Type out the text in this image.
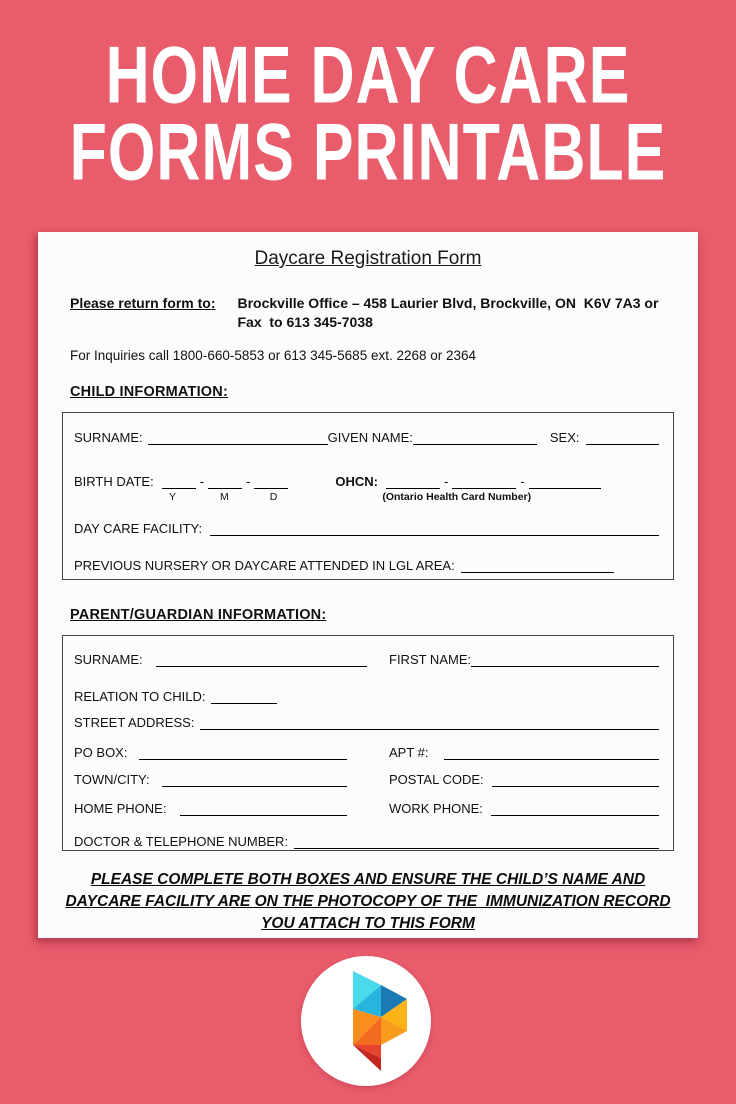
HOME DAY CARE
FORMS PRINTABLE
Daycare Registration Form
Please return form to: Brockville Office – 458 Laurier Blvd, Brockville, ON  K6V 7A3 or
Fax  to 613 345-7038
For Inquiries call 1800-660-5853 or 613 345-5685 ext. 2268 or 2364
CHILD INFORMATION:
SURNAME:	GIVEN NAME:	SEX:
BIRTH DATE:	-	-	OHCN:	-	-
Y	M	D	(Ontario Health Card Number)
DAY CARE FACILITY:
PREVIOUS NURSERY OR DAYCARE ATTENDED IN LGL AREA:
PARENT/GUARDIAN INFORMATION:
SURNAME:	FIRST NAME:
RELATION TO CHILD:
STREET ADDRESS:
PO BOX:	APT #:
TOWN/CITY:	POSTAL CODE:
HOME PHONE:	WORK PHONE:
DOCTOR & TELEPHONE NUMBER:
PLEASE COMPLETE BOTH BOXES AND ENSURE THE CHILD’S NAME AND
DAYCARE FACILITY ARE ON THE PHOTOCOPY OF THE  IMMUNIZATION RECORD
YOU ATTACH TO THIS FORM
